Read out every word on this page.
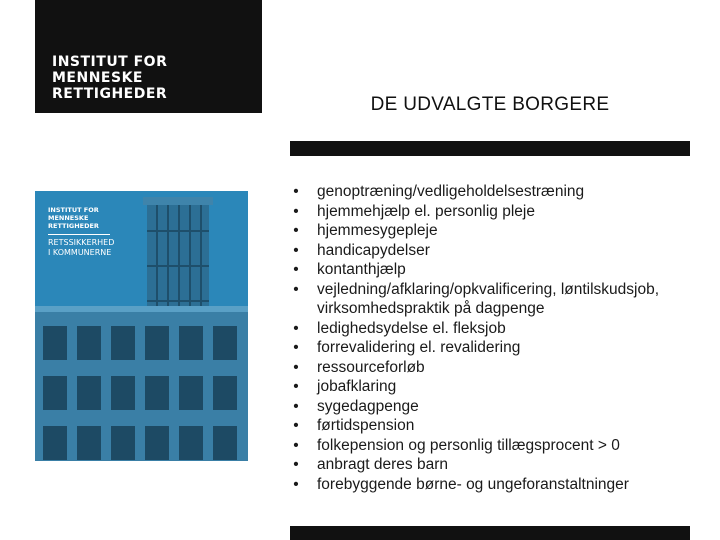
INSTITUT FOR
MENNESKE
RETTIGHEDER	DE UDVALGTE BORGERE
INSTITUT FOR
MENNESKE
RETTIGHEDER
RETSSIKKERHED
I KOMMUNERNE
• genoptræning/vedligeholdelsestræning
• hjemmehjælp el. personlig pleje
• hjemmesygepleje
• handicapydelser
• kontanthjælp
• vejledning/afklaring/opkvalificering, løntilskudsjob, virksomhedspraktik på dagpenge
• ledighedsydelse el. fleksjob
• forrevalidering el. revalidering
• ressourceforløb
• jobafklaring
• sygedagpenge
• førtidspension
• folkepension og personlig tillægsprocent > 0
• anbragt deres barn
• forebyggende børne- og ungeforanstaltninger
